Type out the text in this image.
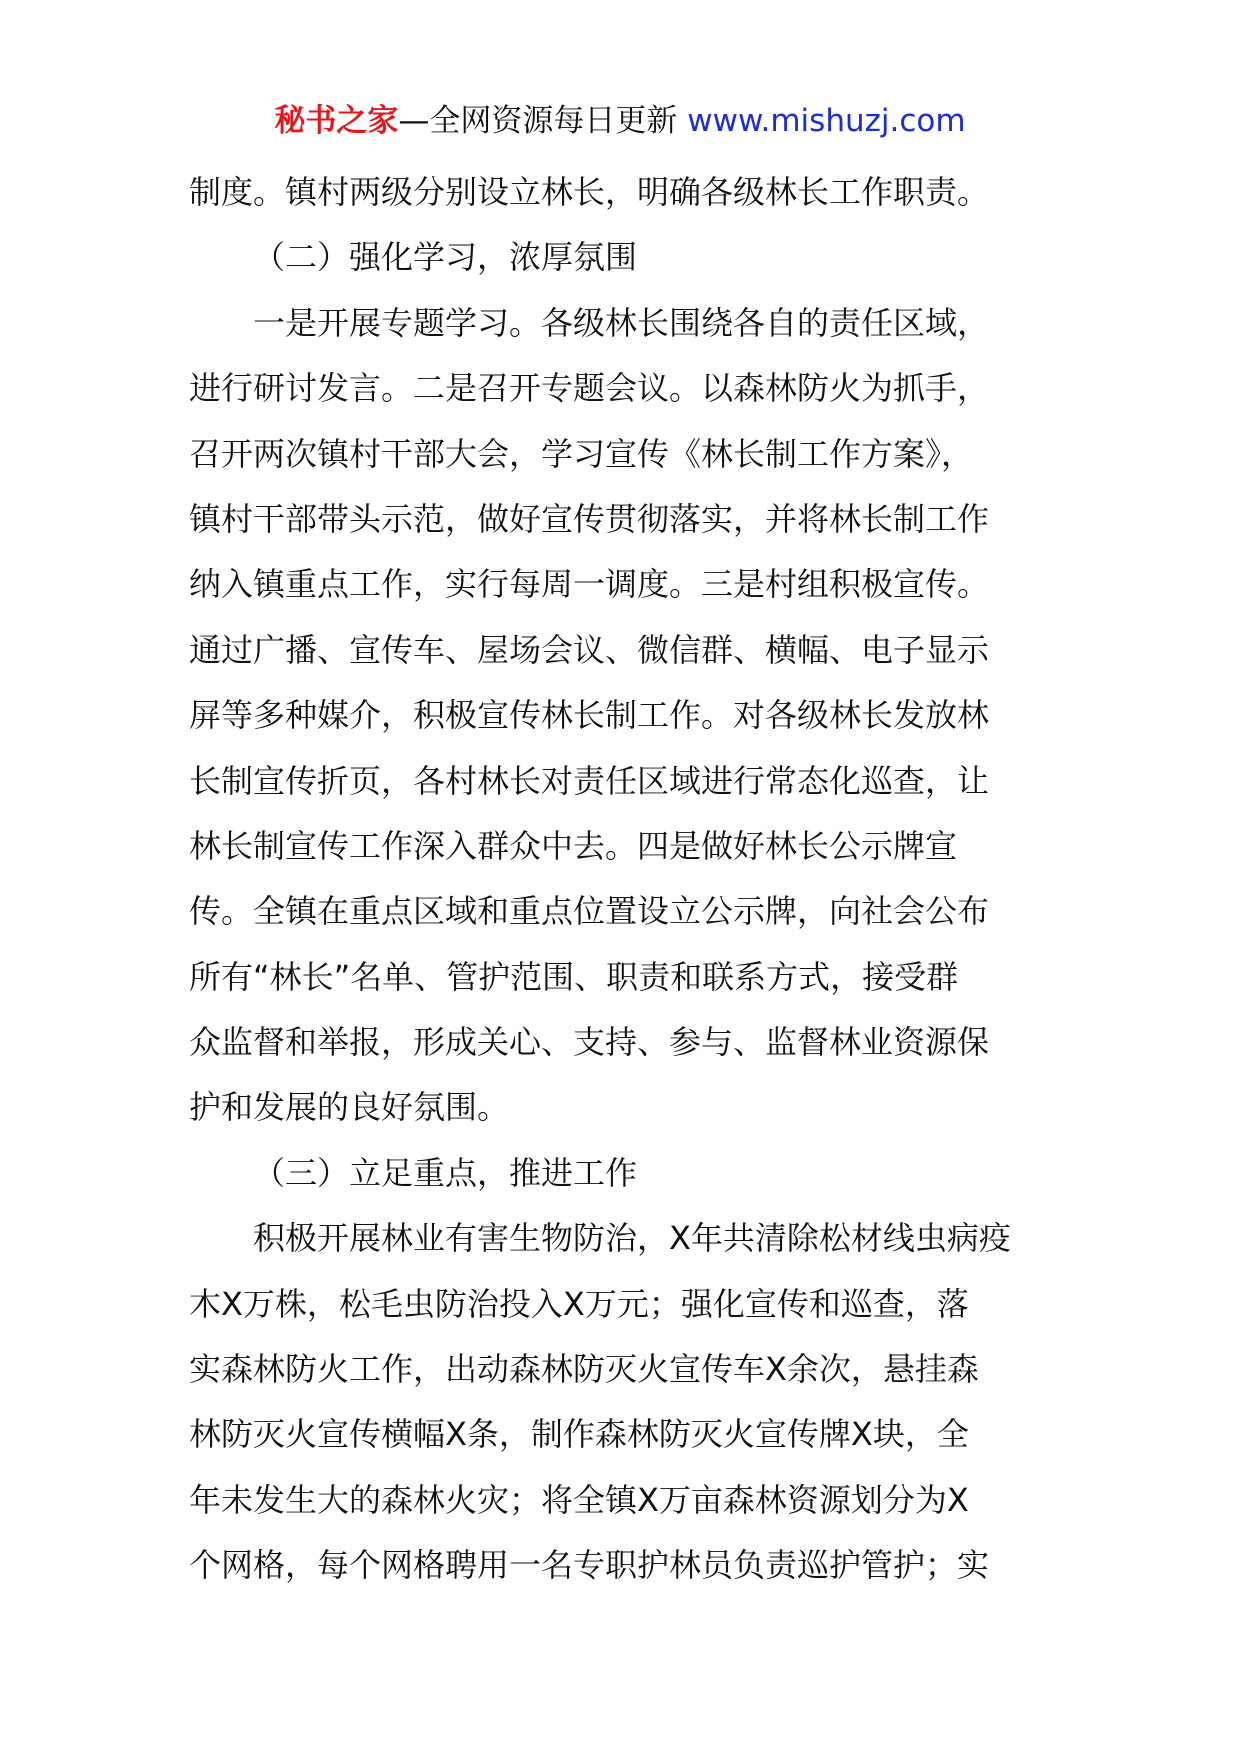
秘书之家—全网资源每日更新 www.mishuzj.com
制度。镇村两级分别设立林长，明确各级林长工作职责。
（二）强化学习，浓厚氛围
一是开展专题学习。各级林长围绕各自的责任区域，
进行研讨发言。二是召开专题会议。以森林防火为抓手，
召开两次镇村干部大会，学习宣传《林长制工作方案》，
镇村干部带头示范，做好宣传贯彻落实，并将林长制工作
纳入镇重点工作，实行每周一调度。三是村组积极宣传。
通过广播、宣传车、屋场会议、微信群、横幅、电子显示
屏等多种媒介，积极宣传林长制工作。对各级林长发放林
长制宣传折页，各村林长对责任区域进行常态化巡查，让
林长制宣传工作深入群众中去。四是做好林长公示牌宣
传。全镇在重点区域和重点位置设立公示牌，向社会公布
所有“林长”名单、管护范围、职责和联系方式，接受群
众监督和举报，形成关心、支持、参与、监督林业资源保
护和发展的良好氛围。
（三）立足重点，推进工作
积极开展林业有害生物防治，X年共清除松材线虫病疫
木X万株，松毛虫防治投入X万元；强化宣传和巡查，落
实森林防火工作，出动森林防灭火宣传车X余次，悬挂森
林防灭火宣传横幅X条，制作森林防灭火宣传牌X块，全
年未发生大的森林火灾；将全镇X万亩森林资源划分为X
个网格，每个网格聘用一名专职护林员负责巡护管护；实
